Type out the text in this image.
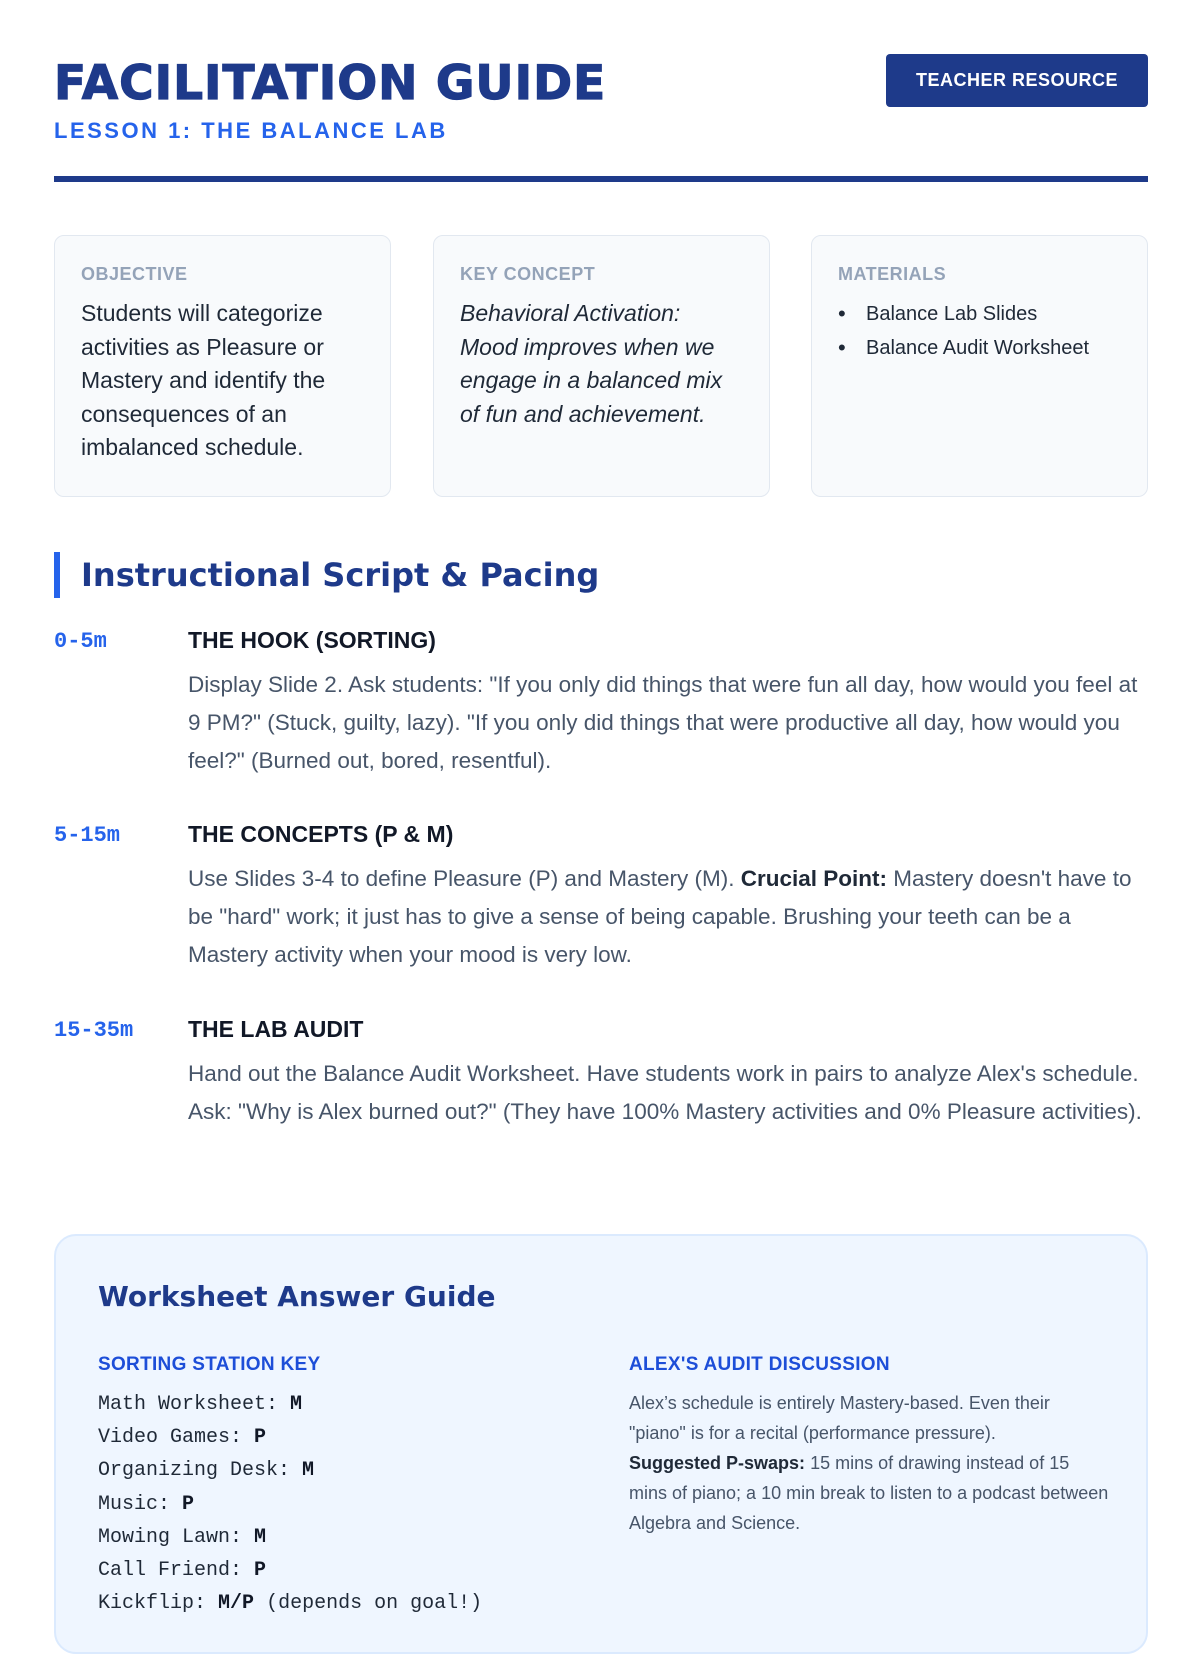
FACILITATION GUIDE
LESSON 1: THE BALANCE LAB
TEACHER RESOURCE
OBJECTIVE
Students will categorize activities as Pleasure or Mastery and identify the consequences of an imbalanced schedule.
KEY CONCEPT
Behavioral Activation: Mood improves when we engage in a balanced mix of fun and achievement.
MATERIALS
• Balance Lab Slides
• Balance Audit Worksheet
Instructional Script & Pacing
0-5m	THE HOOK (SORTING)
Display Slide 2. Ask students: "If you only did things that were fun all day, how would you feel at 9 PM?" (Stuck, guilty, lazy). "If you only did things that were productive all day, how would you feel?" (Burned out, bored, resentful).
5-15m	THE CONCEPTS (P & M)
Use Slides 3-4 to define Pleasure (P) and Mastery (M). Crucial Point: Mastery doesn't have to be "hard" work; it just has to give a sense of being capable. Brushing your teeth can be a Mastery activity when your mood is very low.
15-35m THE LAB AUDIT
Hand out the Balance Audit Worksheet. Have students work in pairs to analyze Alex's schedule. Ask: "Why is Alex burned out?" (They have 100% Mastery activities and 0% Pleasure activities).
Worksheet Answer Guide
SORTING STATION KEY
Math Worksheet: M
Video Games: P
Organizing Desk: M
Music: P
Mowing Lawn: M
Call Friend: P
Kickflip: M/P (depends on goal!)
ALEX'S AUDIT DISCUSSION
Alex’s schedule is entirely Mastery-based. Even their "piano" is for a recital (performance pressure).
Suggested P-swaps: 15 mins of drawing instead of 15 mins of piano; a 10 min break to listen to a podcast between Algebra and Science.
